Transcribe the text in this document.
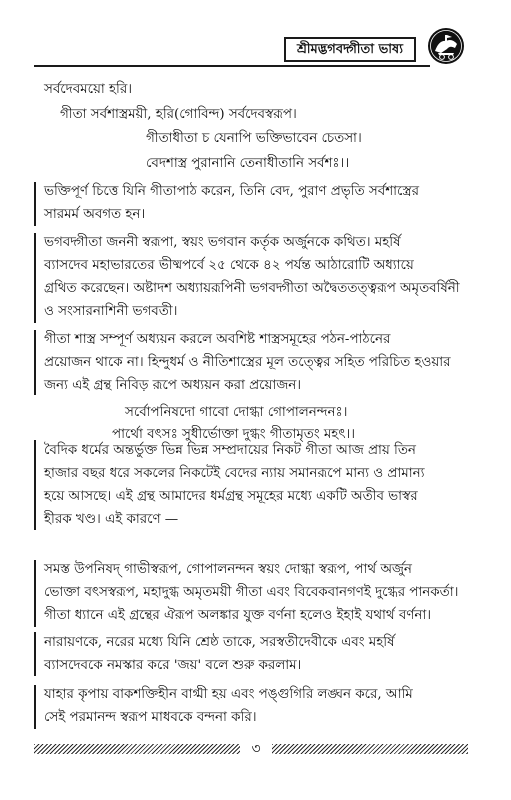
শ্রীমদ্ভগবদ্গীতা ভাষ্য
সর্বদেবময়ো হরি।
গীতা সর্বশাস্ত্রময়ী, হরি(গোবিন্দ) সর্বদেবস্বরূপ।
গীতাধীতা চ যেনাপি ভক্তিভাবেন চেতসা।
বেদশাস্ত্র পুরানানি তেনাধীতানি সর্বশঃ।।
ভক্তিপূর্ণ চিত্তে যিনি গীতাপাঠ করেন, তিনি বেদ, পুরাণ প্রভৃতি সর্বশাস্ত্রের
সারমর্ম অবগত হন।
ভগবদ্গীতা জননী স্বরূপা, স্বয়ং ভগবান কর্তৃক অর্জুনকে কথিত। মহর্ষি
ব্যাসদেব মহাভারতের ভীষ্মপর্বে ২৫ থেকে ৪২ পর্যন্ত আঠারোটি অধ্যায়ে
গ্রথিত করেছেন। অষ্টাদশ অধ্যায়রূপিনী ভগবদ্গীতা অদ্বৈততত্ত্বরূপ অমৃতবর্ষিনী
ও সংসারনাশিনী ভগবতী।
গীতা শাস্ত্র সম্পূর্ণ অধ্যয়ন করলে অবশিষ্ট শাস্ত্রসমূহের পঠন-পাঠনের
প্রয়োজন থাকে না। হিন্দুধর্ম ও নীতিশাস্ত্রের মূল তত্ত্বের সহিত পরিচিত হওয়ার
জন্য এই গ্রন্থ নিবিড় রূপে অধ্যয়ন করা প্রয়োজন।
সর্বোপনিষদো গাবো দোগ্ধা গোপালনন্দনঃ।
পার্থো বৎসঃ সুধীর্ভোক্তা দুগ্ধং গীতামৃতং মহৎ।।
বৈদিক ধর্মের অন্তর্ভুক্ত ভিন্ন ভিন্ন সম্প্রদায়ের নিকট গীতা আজ প্রায় তিন
হাজার বছর ধরে সকলের নিকটেই বেদের ন্যায় সমানরূপে মান্য ও প্রামান্য
হয়ে আসছে। এই গ্রন্থ আমাদের ধর্মগ্রন্থ সমূহের মধ্যে একটি অতীব ভাস্বর
হীরক খণ্ড। এই কারণে —
সমস্ত উপনিষদ্ গাভীস্বরূপ, গোপালনন্দন স্বয়ং দোগ্ধা স্বরূপ, পার্থ অর্জুন
ভোক্তা বৎসস্বরূপ, মহাদুগ্ধ অমৃতময়ী গীতা এবং বিবেকবানগণই দুগ্ধের পানকর্তা।
গীতা ধ্যানে এই গ্রন্থের ঐরূপ অলঙ্কার যুক্ত বর্ণনা হলেও ইহাই যথার্থ বর্ণনা।
নারায়ণকে, নরের মধ্যে যিনি শ্রেষ্ঠ তাকে, সরস্বতীদেবীকে এবং মহর্ষি
ব্যাসদেবকে নমস্কার করে 'জয়' বলে শুরু করলাম।
যাহার কৃপায় বাকশক্তিহীন বাগ্মী হয় এবং পঙ্গুগিরি লঙ্ঘন করে, আমি
সেই পরমানন্দ স্বরূপ মাধবকে বন্দনা করি।
৩
